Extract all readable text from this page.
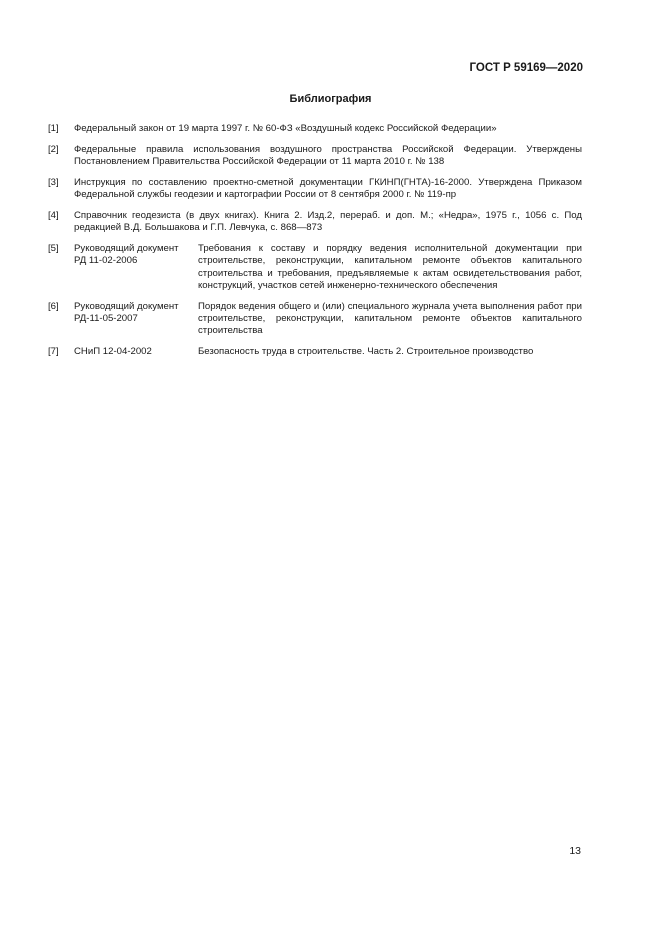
ГОСТ Р 59169—2020
Библиография
[1] Федеральный закон от 19 марта 1997 г. № 60-ФЗ «Воздушный кодекс Российской Федерации»
[2] Федеральные правила использования воздушного пространства Российской Федерации. Утверждены Постановлением Правительства Российской Федерации от 11 марта 2010 г. № 138
[3] Инструкция по составлению проектно-сметной документации ГКИНП(ГНТА)-16-2000. Утверждена Приказом Федеральной службы геодезии и картографии России от 8 сентября 2000 г. № 119-пр
[4] Справочник геодезиста (в двух книгах). Книга 2. Изд.2, перераб. и доп. М.; «Недра», 1975 г., 1056 с. Под редакцией В.Д. Большакова и Г.П. Левчука, с. 868—873
[5] Руководящий документ
РД 11-02-2006
Требования к составу и порядку ведения исполнительной документации при строительстве, реконструкции, капитальном ремонте объектов капитального строительства и требования, предъявляемые к актам освидетельствования работ, конструкций, участков сетей инженерно-технического обеспечения
[6] Руководящий документ
РД-11-05-2007
Порядок ведения общего и (или) специального журнала учета выполнения работ при строительстве, реконструкции, капитальном ремонте объектов капитального строительства
[7] СНиП 12-04-2002	Безопасность труда в строительстве. Часть 2. Строительное производство
13
